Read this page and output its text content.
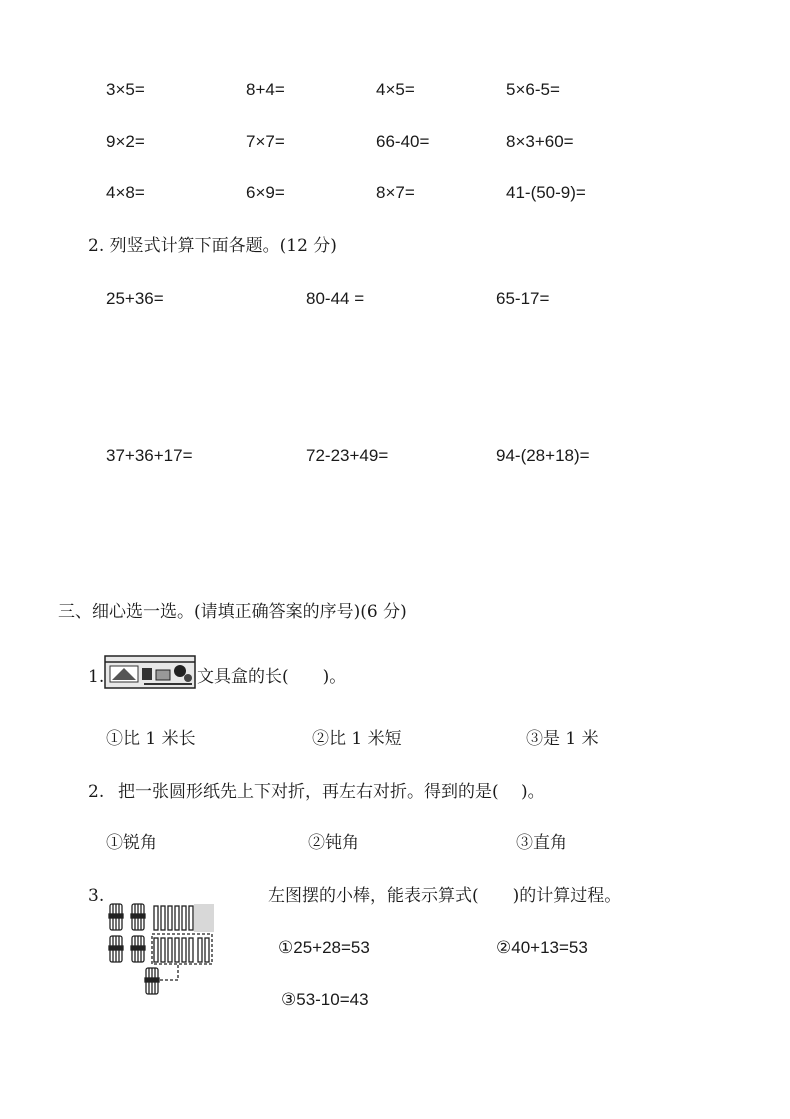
3×5=	8+4=	4×5=	5×6-5=
9×2=	7×7=	66-40=	8×3+60=
4×8=	6×9=	8×7=	41-(50-9)=
2. 列竖式计算下面各题。(12 分)
25+36=	80-44 =	65-17=
37+36+17=	72-23+49=	94-(28+18)=
三、细心选一选。(请填正确答案的序号)(6 分)
1.	文具盒的长(　　)。
①比 1 米长	②比 1 米短	③是 1 米
2. 把一张圆形纸先上下对折，再左右对折。得到的是(　 )。
①锐角	②钝角	③直角
3.	左图摆的小棒，能表示算式(　　)的计算过程。
①25+28=53	②40+13=53
③53-10=43
